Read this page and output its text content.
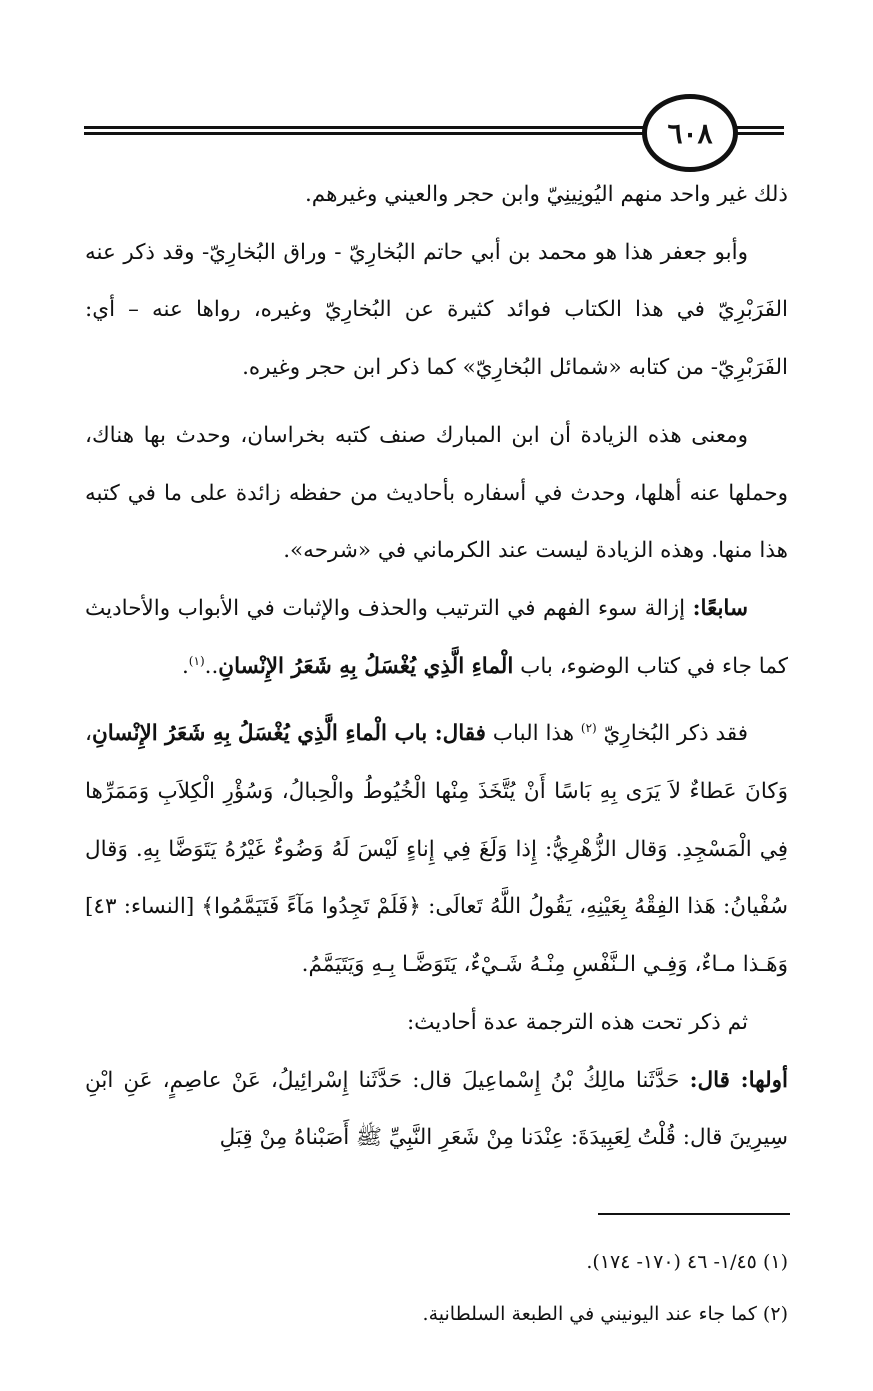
٦٠٨

ذلك غير واحد منهم اليُونِينِيّ وابن حجر والعيني وغيرهم.

وأبو جعفر هذا هو محمد بن أبي حاتم البُخارِيّ - وراق البُخارِيّ- وقد ذكر عنه الفَرَبْرِيّ في هذا الكتاب فوائد كثيرة عن البُخارِيّ وغيره، رواها عنه – أي: الفَرَبْرِيّ- من كتابه «شمائل البُخارِيّ» كما ذكر ابن حجر وغيره.

ومعنى هذه الزيادة أن ابن المبارك صنف كتبه بخراسان، وحدث بها هناك، وحملها عنه أهلها، وحدث في أسفاره بأحاديث من حفظه زائدة على ما في كتبه هذا منها. وهذه الزيادة ليست عند الكرماني في «شرحه».

سابعًا: إزالة سوء الفهم في الترتيب والحذف والإثبات في الأبواب والأحاديث كما جاء في كتاب الوضوء، باب الْماءِ الَّذِي يُغْسَلُ بِهِ شَعَرُ الإِنْسانِ..$^{(١)}$.

فقد ذكر البُخارِيّ $^{(٢)}$ هذا الباب فقال: باب الْماءِ الَّذِي يُغْسَلُ بِهِ شَعَرُ الإِنْسانِ، وَكانَ عَطاءٌ لاَ يَرَى بِهِ بَاسًا أَنْ يُتَّخَذَ مِنْها الْخُيُوطُ والْحِبالُ، وَسُؤْرِ الْكِلاَبِ وَمَمَرِّها فِي الْمَسْجِدِ. وَقال الزُّهْرِيُّ: إِذا وَلَغَ فِي إِناءٍ لَيْسَ لَهُ وَضُوءٌ غَيْرُهُ يَتَوَضَّا بِهِ. وَقال سُفْيانُ: هَذا الفِقْهُ بِعَيْنِهِ، يَقُولُ اللَّهُ تَعالَى: ﴿فَلَمْ تَجِدُوا مَآءً فَتَيَمَّمُوا﴾ [النساء: ٤٣] وَهَـذا مـاءٌ، وَفِـي الـنَّفْسِ مِنْـهُ شَـيْءٌ، يَتَوَضَّـا بِـهِ وَيَتَيَمَّمُ.

ثم ذكر تحت هذه الترجمة عدة أحاديث:

أولها: قال: حَدَّثَنا مالِكُ بْنُ إِسْماعِيلَ قال: حَدَّثَنا إِسْرائِيلُ، عَنْ عاصِمٍ، عَنِ ابْنِ سِيرِينَ قال: قُلْتُ لِعَبِيدَةَ: عِنْدَنا مِنْ شَعَرِ النَّبِيِّ ﷺ أَصَبْناهُ مِنْ قِبَلِ

(١) ١/٤٥- ٤٦ (١٧٠- ١٧٤).

(٢) كما جاء عند اليونيني في الطبعة السلطانية.
